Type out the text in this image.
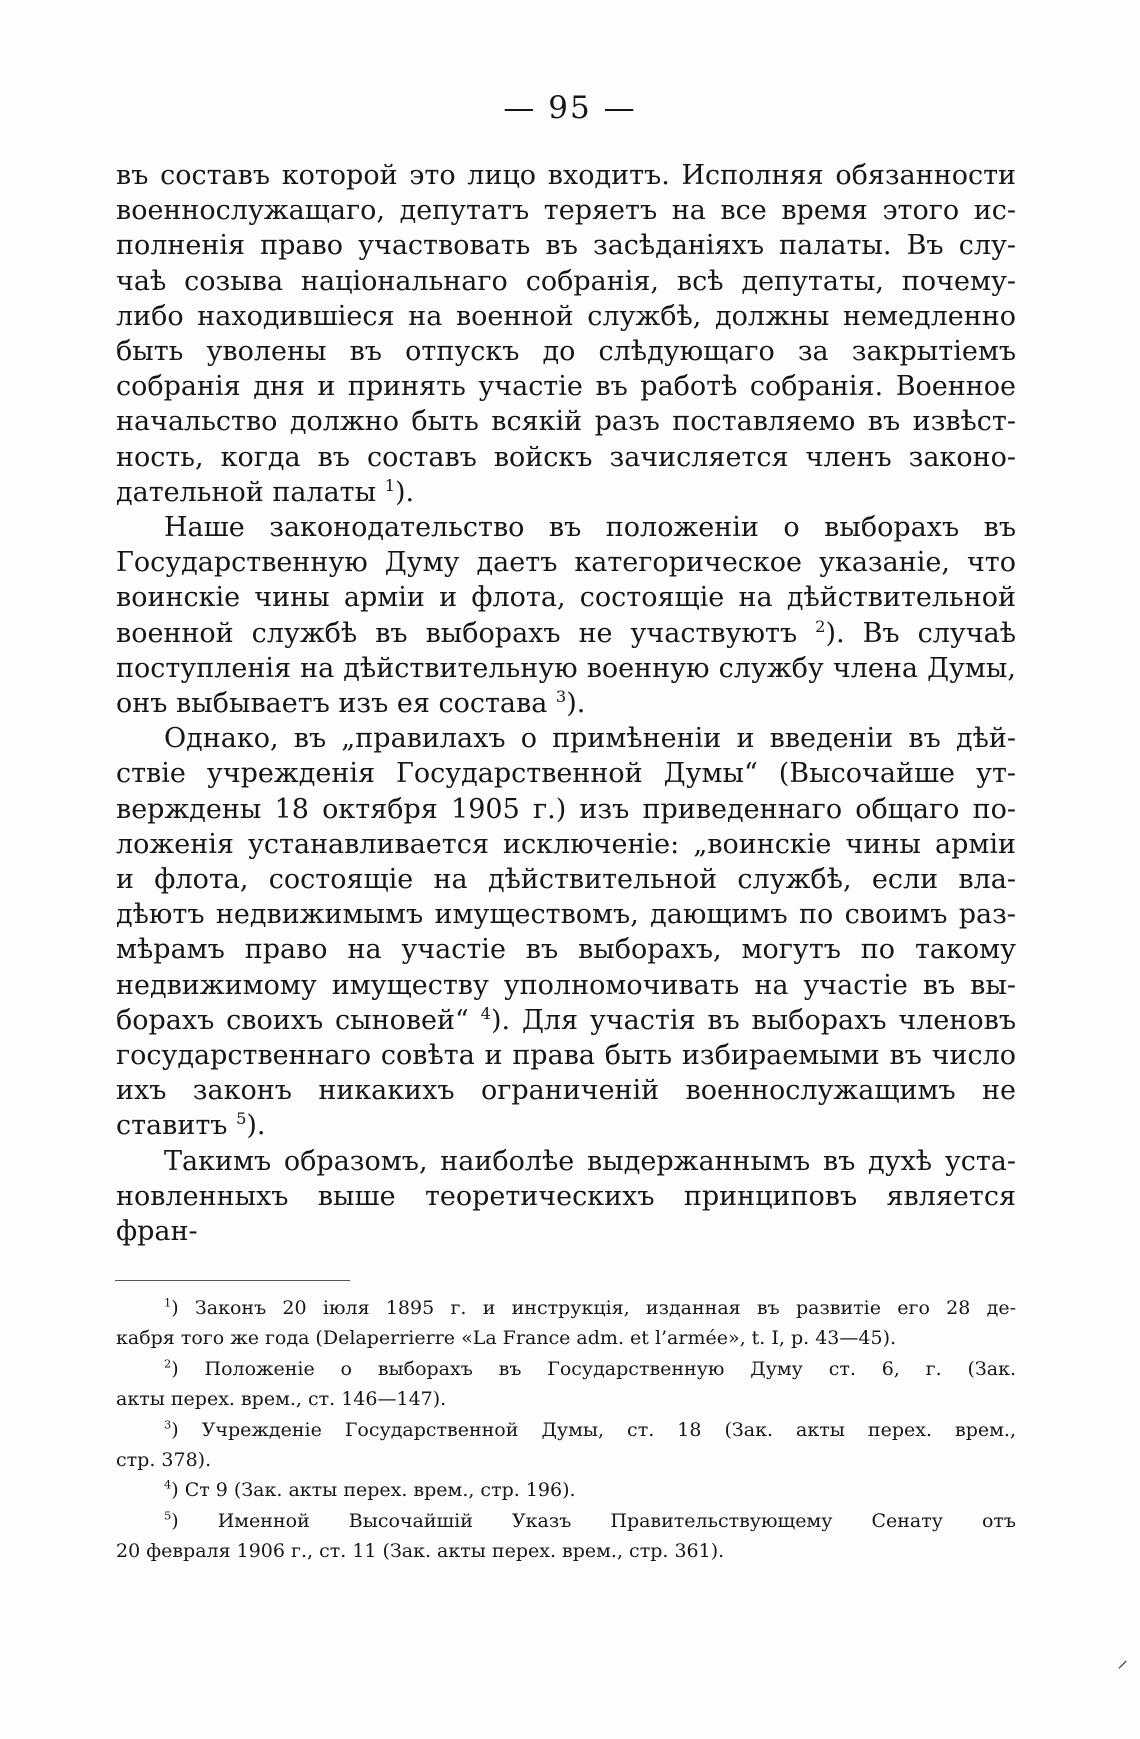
— 95 —
въ составъ которой это лицо входитъ. Исполняя обязанности
военнослужащаго, депутатъ теряетъ на все время этого ис-
полненія право участвовать въ засѣданіяхъ палаты. Въ слу-
чаѣ созыва національнаго собранія, всѣ депутаты, почему-
либо находившіеся на военной службѣ, должны немедленно
быть уволены въ отпускъ до слѣдующаго за закрытіемъ
собранія дня и принять участіе въ работѣ собранія. Военное
начальство должно быть всякій разъ поставляемо въ извѣст-
ность, когда въ составъ войскъ зачисляется членъ законо-
дательной палаты $^1$).
Наше законодательство въ положеніи о выборахъ въ
Государственную Думу даетъ категорическое указаніе, что
воинскіе чины арміи и флота, состоящіе на дѣйствительной
военной службѣ въ выборахъ не участвуютъ $^2$). Въ случаѣ
поступленія на дѣйствительную военную службу члена Думы,
онъ выбываетъ изъ ея состава $^3$).
Однако, въ „правилахъ о примѣненіи и введеніи въ дѣй-
ствіе учрежденія Государственной Думы“ (Высочайше ут-
верждены 18 октября 1905 г.) изъ приведеннаго общаго по-
ложенія устанавливается исключеніе: „воинскіе чины арміи
и флота, состоящіе на дѣйствительной службѣ, если вла-
дѣютъ недвижимымъ имуществомъ, дающимъ по своимъ раз-
мѣрамъ право на участіе въ выборахъ, могутъ по такому
недвижимому имуществу уполномочивать на участіе въ вы-
борахъ своихъ сыновей“ $^4$). Для участія въ выборахъ членовъ
государственнаго совѣта и права быть избираемыми въ число
ихъ законъ никакихъ ограниченій военнослужащимъ не
ставитъ $^5$).
Такимъ образомъ, наиболѣе выдержаннымъ въ духѣ уста-
новленныхъ выше теоретическихъ принциповъ является фран-
$^1$) Законъ 20 іюля 1895 г. и инструкція, изданная въ развитіе его 28 де-
кабря того же года (Delaperrierre «La France adm. et l’armée», t. I, p. 43—45).
$^2$) Положеніе о выборахъ въ Государственную Думу ст. 6, г. (Зак.
акты перех. врем., ст. 146—147).
$^3$) Учрежденіе Государственной Думы, ст. 18 (Зак. акты перех. врем.,
стр. 378).
$^4$) Ст 9 (Зак. акты перех. врем., стр. 196).
$^5$) Именной Высочайшій Указъ Правительствующему Сенату отъ
20 февраля 1906 г., ст. 11 (Зак. акты перех. врем., стр. 361).
⸝
